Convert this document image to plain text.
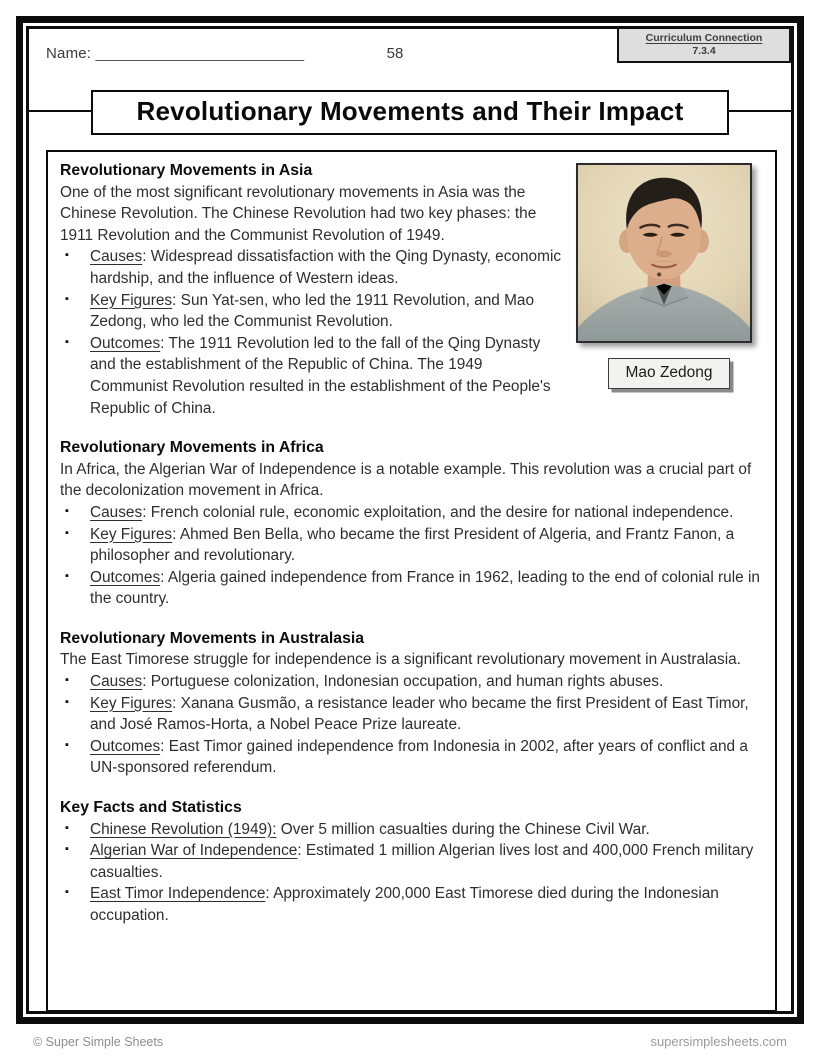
Name: _________________________	58
Curriculum Connection
7.3.4
Revolutionary Movements and Their Impact
Mao Zedong
Revolutionary Movements in Asia
One of the most significant revolutionary movements in Asia was the Chinese Revolution. The Chinese Revolution had two key phases: the 1911 Revolution and the Communist Revolution of 1949.
▪ Causes: Widespread dissatisfaction with the Qing Dynasty, economic hardship, and the influence of Western ideas.
▪ Key Figures: Sun Yat-sen, who led the 1911 Revolution, and Mao Zedong, who led the Communist Revolution.
▪ Outcomes: The 1911 Revolution led to the fall of the Qing Dynasty and the establishment of the Republic of China. The 1949 Communist Revolution resulted in the establishment of the People's Republic of China.
Revolutionary Movements in Africa
In Africa, the Algerian War of Independence is a notable example. This revolution was a crucial part of the decolonization movement in Africa.
▪ Causes: French colonial rule, economic exploitation, and the desire for national independence.
▪ Key Figures: Ahmed Ben Bella, who became the first President of Algeria, and Frantz Fanon, a philosopher and revolutionary.
▪ Outcomes: Algeria gained independence from France in 1962, leading to the end of colonial rule in the country.
Revolutionary Movements in Australasia
The East Timorese struggle for independence is a significant revolutionary movement in Australasia.
▪ Causes: Portuguese colonization, Indonesian occupation, and human rights abuses.
▪ Key Figures: Xanana Gusmão, a resistance leader who became the first President of East Timor, and José Ramos-Horta, a Nobel Peace Prize laureate.
▪ Outcomes: East Timor gained independence from Indonesia in 2002, after years of conflict and a UN-sponsored referendum.
Key Facts and Statistics
▪ Chinese Revolution (1949): Over 5 million casualties during the Chinese Civil War.
▪ Algerian War of Independence: Estimated 1 million Algerian lives lost and 400,000 French military casualties.
▪ East Timor Independence: Approximately 200,000 East Timorese died during the Indonesian occupation.
© Super Simple Sheets	supersimplesheets.com
